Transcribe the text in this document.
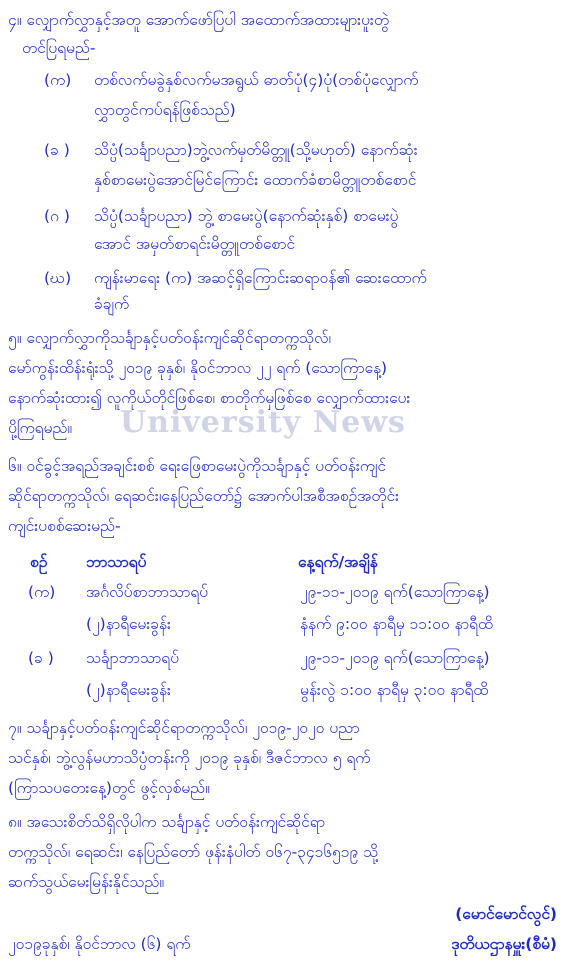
၄။ လျှောက်လွှာနှင့်အတူ အောက်ဖော်ပြပါ အထောက်အထားများပူးတွဲ
တင်ပြရမည်-
(က) တစ်လက်မခွဲနှစ်လက်မအရွယ် ဓာတ်ပုံ(၄)ပုံ(တစ်ပုံလျှောက်
လွှာတွင်ကပ်ရန်ဖြစ်သည်)
(ခ ) သိပ္ပံ(သင်္ချာပညာ)ဘွဲ့လက်မှတ်မိတ္တူ(သို့မဟုတ်) နောက်ဆုံး
နှစ်စာမေးပွဲအောင်မြင်ကြောင်း ထောက်ခံစာမိတ္တူတစ်စောင်
(ဂ ) သိပ္ပံ(သင်္ချာပညာ) ဘွဲ့ စာမေးပွဲ(နောက်ဆုံးနှစ်) စာမေးပွဲ
အောင် အမှတ်စာရင်းမိတ္တူတစ်စောင်
(ဃ) ကျန်းမာရေး (က) အဆင့်ရှိကြောင်းဆရာဝန်၏ ဆေးထောက်
ခံချက်
၅။ လျှောက်လွှာကိုသင်္ချာနှင့်ပတ်ဝန်းကျင်ဆိုင်ရာတက္ကသိုလ်၊
မော်ကွန်းထိန်းရုံးသို့ ၂၀၁၉ ခုနှစ်၊ နိုဝင်ဘာလ ၂၂ ရက် (သောကြာနေ့)
နောက်ဆုံးထား၍ လူကိုယ်တိုင်ဖြစ်စေ၊ စာတိုက်မှဖြစ်စေ လျှောက်ထားပေး
ပို့ကြရမည်။ University News
၆။ ဝင်ခွင့်အရည်အချင်းစစ် ရေးဖြေစာမေးပွဲကိုသင်္ချာနှင့် ပတ်ဝန်းကျင်
ဆိုင်ရာတက္ကသိုလ်၊ ရေဆင်း၊နေပြည်တော်၌ အောက်ပါအစီအစဉ်အတိုင်း
ကျင်းပစစ်ဆေးမည်-
စဉ် ဘာသာရပ်	နေ့ရက်/အချိန်
(က) အင်္ဂလိပ်စာဘာသာရပ်	၂၉-၁၁-၂၀၁၉ ရက်(သောကြာနေ့)
(၂)နာရီမေးခွန်း	နံနက် ၉:၀၀ နာရီမှ ၁၁:၀၀ နာရီထိ
(ခ ) သင်္ချာဘာသာရပ်	၂၉-၁၁-၂၀၁၉ ရက်(သောကြာနေ့)
(၂)နာရီမေးခွန်း	မွန်းလွဲ ၁:၀၀ နာရီမှ ၃:၀၀ နာရီထိ
၇။ သင်္ချာနှင့်ပတ်ဝန်းကျင်ဆိုင်ရာတက္ကသိုလ်၊ ၂၀၁၉-၂၀၂၀ ပညာ
သင်နှစ်၊ ဘွဲ့လွန်မဟာသိပ္ပံတန်းကို ၂၀၁၉ ခုနှစ်၊ ဒီဇင်ဘာလ ၅ ရက်
(ကြာသပတေးနေ့)တွင် ဖွင့်လှစ်မည်။
၈။ အသေးစိတ်သိရှိလိုပါက သင်္ချာနှင့် ပတ်ဝန်းကျင်ဆိုင်ရာ
တက္ကသိုလ်၊ ရေဆင်း၊ နေပြည်တော် ဖုန်းနံပါတ် ၀၆၇-၃၄၁၆၅၁၉ သို့
ဆက်သွယ်မေးမြန်းနိုင်သည်။
(မောင်မောင်လွင်)
၂၀၁၉ခုနှစ်၊ နိုဝင်ဘာလ (၆) ရက်	ဒုတိယဌာနမှူး(စီမံ)
